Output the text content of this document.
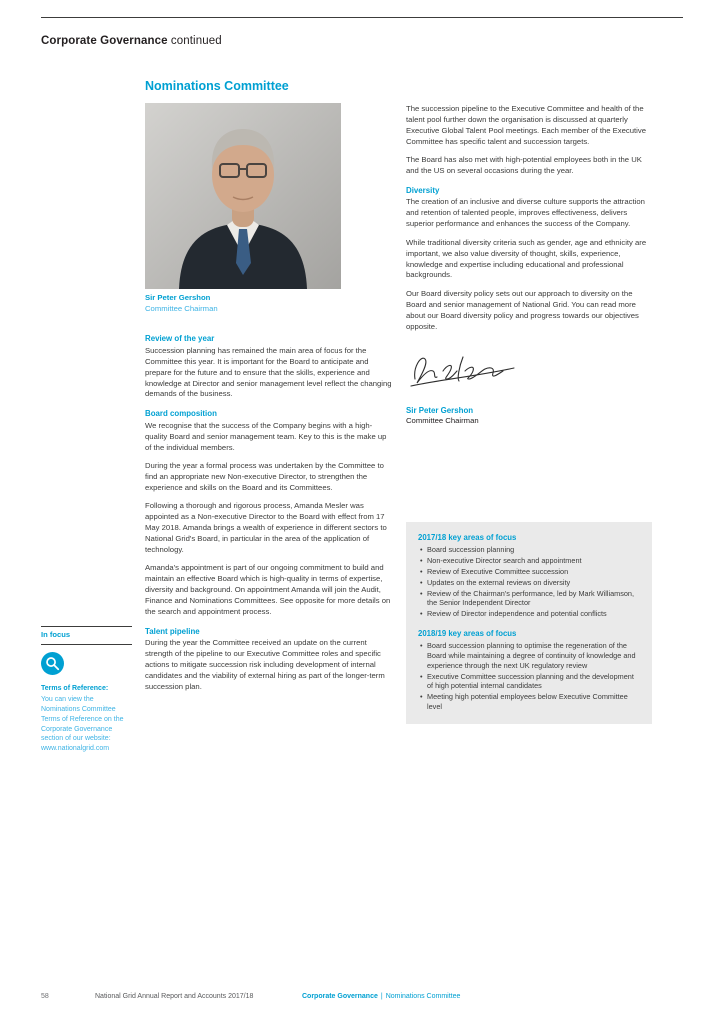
Corporate Governance continued
Nominations Committee
Sir Peter Gershon
Committee Chairman
Review of the year

Succession planning has remained the main area of focus for the Committee this year. It is important for the Board to anticipate and prepare for the future and to ensure that the skills, experience and knowledge at Director and senior management level reflect the changing demands of the business.

Board composition

We recognise that the success of the Company begins with a high-quality Board and senior management team. Key to this is the make up of the individual members.

During the year a formal process was undertaken by the Committee to find an appropriate new Non-executive Director, to strengthen the experience and skills on the Board and its Committees.

Following a thorough and rigorous process, Amanda Mesler was appointed as a Non-executive Director to the Board with effect from 17 May 2018. Amanda brings a wealth of experience in different sectors to National Grid's Board, in particular in the area of the application of technology.

Amanda's appointment is part of our ongoing commitment to build and maintain an effective Board which is high-quality in terms of expertise, diversity and background. On appointment Amanda will join the Audit, Finance and Nominations Committees. See opposite for more details on the search and appointment process.

Talent pipeline

During the year the Committee received an update on the current strength of the pipeline to our Executive Committee roles and specific actions to mitigate succession risk including development of internal candidates and the viability of external hiring as part of the longer-term succession plan.

The succession pipeline to the Executive Committee and health of the talent pool further down the organisation is discussed at quarterly Executive Global Talent Pool meetings. Each member of the Executive Committee has specific talent and succession targets.

The Board has also met with high-potential employees both in the UK and the US on several occasions during the year.

Diversity

The creation of an inclusive and diverse culture supports the attraction and retention of talented people, improves effectiveness, delivers superior performance and enhances the success of the Company.

While traditional diversity criteria such as gender, age and ethnicity are important, we also value diversity of thought, skills, experience, knowledge and expertise including educational and professional backgrounds.

Our Board diversity policy sets out our approach to diversity on the Board and senior management of National Grid. You can read more about our Board diversity policy and progress towards our objectives opposite.

Sir Peter Gershon
Committee Chairman
2017/18 key areas of focus
• Board succession planning
• Non-executive Director search and appointment
• Review of Executive Committee succession
• Updates on the external reviews on diversity
• Review of the Chairman's performance, led by Mark Williamson, the Senior Independent Director
• Review of Director independence and potential conflicts
2018/19 key areas of focus
• Board succession planning to optimise the regeneration of the Board while maintaining a degree of continuity of knowledge and experience through the next UK regulatory review
• Executive Committee succession planning and the development of high potential internal candidates
• Meeting high potential employees below Executive Committee level
In focus
Terms of Reference:
You can view the Nominations Committee Terms of Reference on the Corporate Governance section of our website:
www.nationalgrid.com
58	National Grid Annual Report and Accounts 2017/18	Corporate Governance | Nominations Committee
